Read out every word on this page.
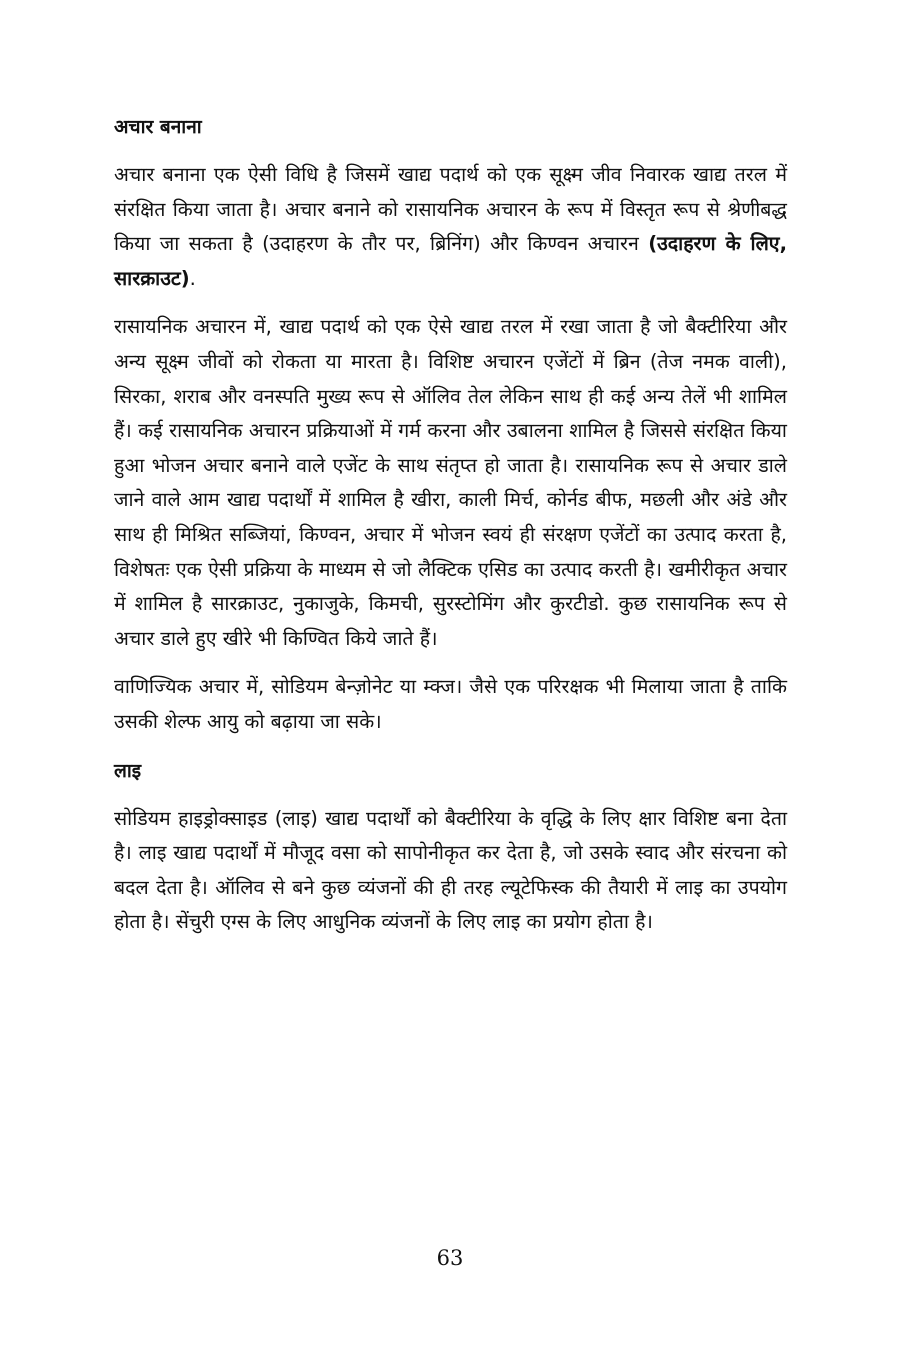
अचार बनाना

अचार बनाना एक ऐसी विधि है जिसमें खाद्य पदार्थ को एक सूक्ष्म जीव निवारक खाद्य तरल में संरक्षित किया जाता है। अचार बनाने को रासायनिक अचारन के रूप में विस्तृत रूप से श्रेणीबद्ध किया जा सकता है (उदाहरण के तौर पर, ब्रिनिंग) और किण्वन अचारन (उदाहरण के लिए, सारक्राउट).

रासायनिक अचारन में, खाद्य पदार्थ को एक ऐसे खाद्य तरल में रखा जाता है जो बैक्टीरिया और अन्य सूक्ष्म जीवों को रोकता या मारता है। विशिष्ट अचारन एजेंटों में ब्रिन (तेज नमक वाली), सिरका, शराब और वनस्पति मुख्य रूप से ऑलिव तेल लेकिन साथ ही कई अन्य तेलें भी शामिल हैं। कई रासायनिक अचारन प्रक्रियाओं में गर्म करना और उबालना शामिल है जिससे संरक्षित किया हुआ भोजन अचार बनाने वाले एजेंट के साथ संतृप्त हो जाता है। रासायनिक रूप से अचार डाले जाने वाले आम खाद्य पदार्थों में शामिल है खीरा, काली मिर्च, कोर्नड बीफ, मछली और अंडे और साथ ही मिश्रित सब्जियां, किण्वन, अचार में भोजन स्वयं ही संरक्षण एजेंटों का उत्पाद करता है, विशेषतः एक ऐसी प्रक्रिया के माध्यम से जो लैक्टिक एसिड का उत्पाद करती है। खमीरीकृत अचार में शामिल है सारक्राउट, नुकाजुके, किमची, सुरस्टोमिंग और कुरटीडो. कुछ रासायनिक रूप से अचार डाले हुए खीरे भी किण्वित किये जाते हैं।

वाणिज्यिक अचार में, सोडियम बेन्ज़ोनेट या म्क्ज। जैसे एक परिरक्षक भी मिलाया जाता है ताकि उसकी शेल्फ आयु को बढ़ाया जा सके।

लाइ

सोडियम हाइड्रोक्साइड (लाइ) खाद्य पदार्थों को बैक्टीरिया के वृद्धि के लिए क्षार विशिष्ट बना देता है। लाइ खाद्य पदार्थों में मौजूद वसा को सापोनीकृत कर देता है, जो उसके स्वाद और संरचना को बदल देता है। ऑलिव से बने कुछ व्यंजनों की ही तरह ल्यूटेफिस्क की तैयारी में लाइ का उपयोग होता है। सेंचुरी एग्स के लिए आधुनिक व्यंजनों के लिए लाइ का प्रयोग होता है।

63
